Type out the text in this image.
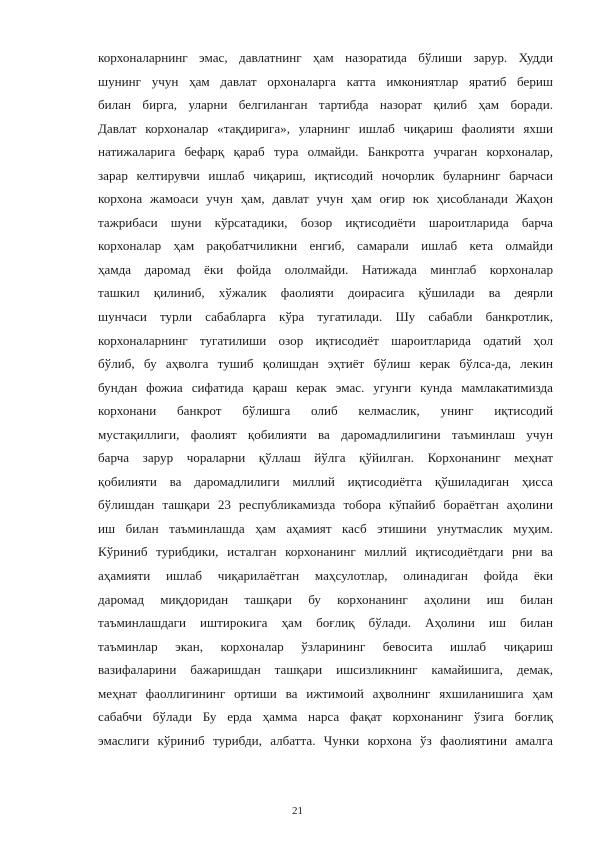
корхоналарнинг эмас, давлатнинг ҳам назоратида бўлиши зарур. Худди
шунинг учун ҳам давлат орхоналарга катта имкониятлар яратиб бериш
билан бирга, уларни белгиланган тартибда назорат қилиб ҳам боради.
Давлат корхоналар «тақдирига», уларнинг ишлаб чиқариш фаолияти яхши
натижаларига бефарқ қараб тура олмайди. Банкротга учраган корхоналар,
зарар келтирувчи ишлаб чиқариш, иқтисодий ночорлик буларнинг барчаси
корхона жамоаси учун ҳам, давлат учун ҳам оғир юк ҳисобланади Жаҳон
тажрибаси шуни кўрсатадики, бозор иқтисодиёти шароитларида барча
корхоналар ҳам рақобатчиликни енгиб, самарали ишлаб кета олмайди
ҳамда даромад ёки фойда ололмайди. Натижада минглаб корхоналар
ташкил қилиниб, хўжалик фаолияти доирасига қўшилади ва деярли
шунчаси турли сабабларга кўра тугатилади. Шу сабабли банкротлик,
корхоналарнинг тугатилиши озор иқтисодиёт шароитларида одатий ҳол
бўлиб, бу аҳволга тушиб қолишдан эҳтиёт бўлиш керак бўлса-да, лекин
бундан фожиа сифатида қараш керак эмас. угунги кунда мамлакатимизда
корхонани банкрот бўлишга олиб келмаслик, унинг иқтисодий
мустақиллиги, фаолият қобилияти ва даромадлилигини таъминлаш учун
барча зарур чораларни қўллаш йўлга қўйилган. Корхонанинг меҳнат
қобилияти ва даромадлилиги миллий иқтисодиётга қўшиладиган ҳисса
бўлишдан ташқари 23 республикамизда тобора кўпайиб бораётган аҳолини
иш билан таъминлашда ҳам аҳамият касб этишини унутмаслик муҳим.
Кўриниб турибдики, исталган корхонанинг миллий иқтисодиётдаги рни ва
аҳамияти ишлаб чиқарилаётган маҳсулотлар, олинадиган фойда ёки
даромад миқдоридан ташқари бу корхонанинг аҳолини иш билан
таъминлашдаги иштирокига ҳам боғлиқ бўлади. Аҳолини иш билан
таъминлар экан, корхоналар ўзларининг бевосита ишлаб чиқариш
вазифаларини бажаришдан ташқари ишсизликнинг камайишига, демак,
меҳнат фаоллигининг ортиши ва ижтимоий аҳволнинг яхшиланишига ҳам
сабабчи бўлади Бу ерда ҳамма нарса фақат корхонанинг ўзига боғлиқ
эмаслиги кўриниб турибди, албатта. Чунки корхона ўз фаолиятини амалга
21
